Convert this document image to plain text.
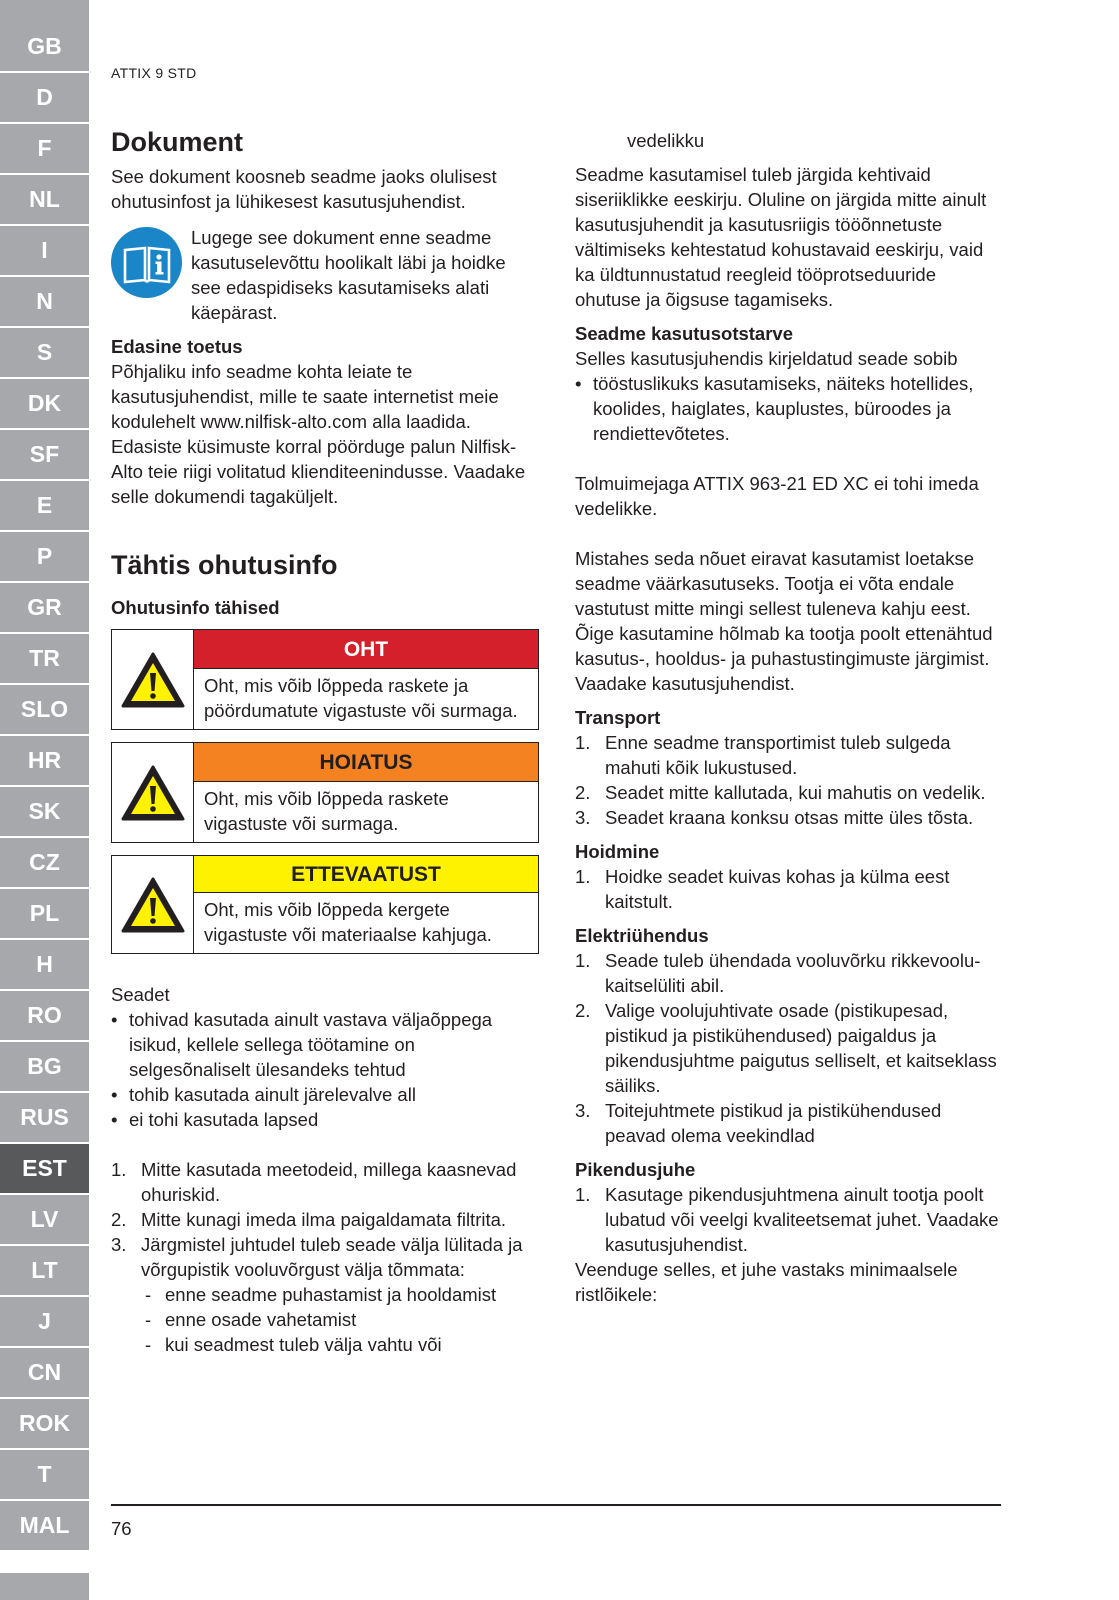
GB
D
F
NL
I
N
S
DK
SF
E
P
GR
TR
SLO
HR
SK
CZ
PL
H
RO
BG
RUS
EST
LV
LT
J
CN
ROK
T
MAL
ATTIX 9 STD
Dokument

See dokument koosneb seadme jaoks olulisest ohutusinfost ja lühikesest kasutusjuhendist.

Lugege see dokument enne seadme kasutuselevõttu hoolikalt läbi ja hoidke see edaspidiseks kasutamiseks alati käepärast.

Edasine toetus

Põhjaliku info seadme kohta leiate te kasutusjuhendist, mille te saate internetist meie kodulehelt www.nilfisk-alto.com alla laadida. Edasiste küsimuste korral pöörduge palun Nilfisk-Alto teie riigi volitatud klienditeenindusse. Vaadake selle dokumendi tagaküljelt.

Tähtis ohutusinfo
Ohutusinfo tähised
OHT
Oht, mis võib lõppeda raskete ja pöördumatute vigastuste või surmaga.
HOIATUS
Oht, mis võib lõppeda raskete vigastuste või surmaga.
ETTEVAATUST
Oht, mis võib lõppeda kergete vigastuste või materiaalse kahjuga.

Seadet

• tohivad kasutada ainult vastava väljaõppega isikud, kellele sellega töötamine on selgesõnaliselt ülesandeks tehtud
• tohib kasutada ainult järelevalve all
• ei tohi kasutada lapsed
1. Mitte kasutada meetodeid, millega kaasnevad ohuriskid.
2. Mitte kunagi imeda ilma paigaldamata filtrita.
3. Järgmistel juhtudel tuleb seade välja lülitada ja võrgupistik vooluvõrgust välja tõmmata:
- enne seadme puhastamist ja hooldamist
- enne osade vahetamist
- kui seadmest tuleb välja vahtu või

vedelikku

Seadme kasutamisel tuleb järgida kehtivaid siseriiklikke eeskirju. Oluline on järgida mitte ainult kasutusjuhendit ja kasutusriigis tööõnnetuste vältimiseks kehtestatud kohustavaid eeskirju, vaid ka üldtunnustatud reegleid tööprotseduuride ohutuse ja õigsuse tagamiseks.

Seadme kasutusotstarve

Selles kasutusjuhendis kirjeldatud seade sobib

• tööstuslikuks kasutamiseks, näiteks hotellides, koolides, haiglates, kauplustes, büroodes ja rendiettevõtetes.

Tolmuimejaga ATTIX 963-21 ED XC ei tohi imeda vedelikke.

Mistahes seda nõuet eiravat kasutamist loetakse seadme väärkasutuseks. Tootja ei võta endale vastutust mitte mingi sellest tuleneva kahju eest.

Õige kasutamine hõlmab ka tootja poolt ettenähtud kasutus-, hooldus- ja puhastustingimuste järgimist. Vaadake kasutusjuhendist.

Transport
1. Enne seadme transportimist tuleb sulgeda mahuti kõik lukustused.
2. Seadet mitte kallutada, kui mahutis on vedelik.
3. Seadet kraana konksu otsas mitte üles tõsta.
Hoidmine
1. Hoidke seadet kuivas kohas ja külma eest kaitstult.
Elektriühendus
1. Seade tuleb ühendada vooluvõrku rikkevoolu-kaitselüliti abil.
2. Valige voolujuhtivate osade (pistikupesad, pistikud ja pistikühendused) paigaldus ja pikendusjuhtme paigutus selliselt, et kaitseklass säiliks.
3. Toitejuhtmete pistikud ja pistikühendused peavad olema veekindlad
Pikendusjuhe
1. Kasutage pikendusjuhtmena ainult tootja poolt lubatud või veelgi kvaliteetsemat juhet. Vaadake kasutusjuhendist.

Veenduge selles, et juhe vastaks minimaalsele ristlõikele:

76
